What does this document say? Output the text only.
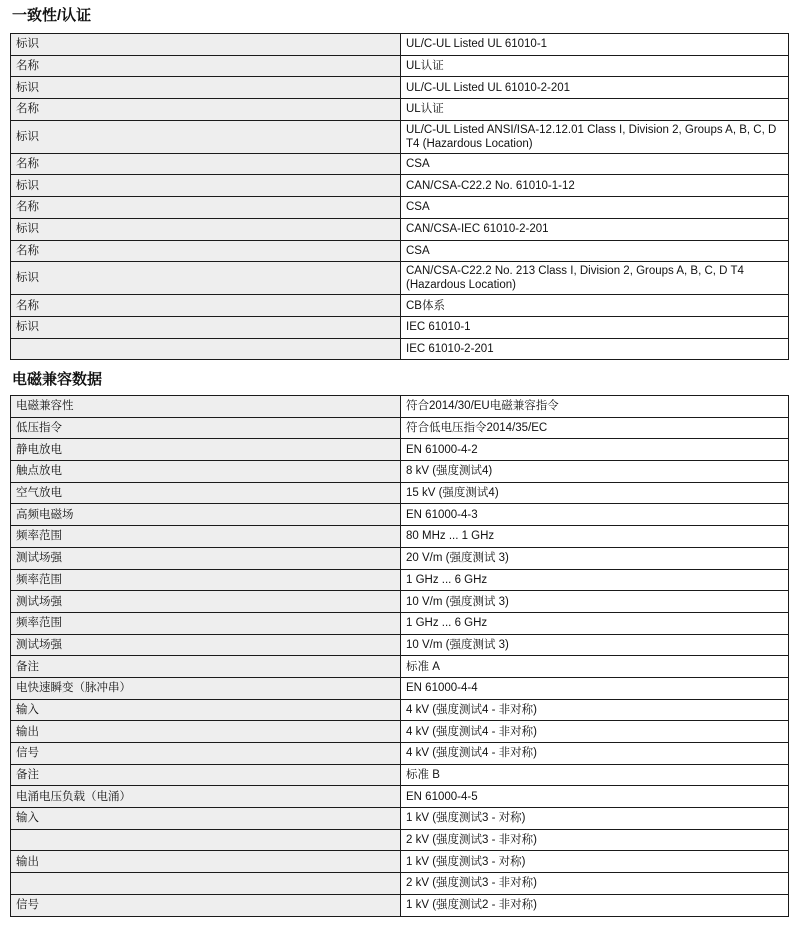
一致性/认证
标识	UL/C-UL Listed UL 61010-1
名称	UL认证
标识	UL/C-UL Listed UL 61010-2-201
名称	UL认证
标识	UL/C-UL Listed ANSI/ISA-12.12.01 Class I, Division 2, Groups A, B, C, D T4 (Hazardous Location)
名称	CSA
标识	CAN/CSA-C22.2 No. 61010-1-12
名称	CSA
标识	CAN/CSA-IEC 61010-2-201
名称	CSA
标识	CAN/CSA-C22.2 No. 213 Class I, Division 2, Groups A, B, C, D T4 (Hazardous Location)
名称	CB体系
标识	IEC 61010-1
	IEC 61010-2-201
电磁兼容数据
电磁兼容性	符合2014/30/EU电磁兼容指令
低压指令	符合低电压指令2014/35/EC
静电放电	EN 61000-4-2
触点放电	8 kV (强度测试4)
空气放电	15 kV (强度测试4)
高频电磁场	EN 61000-4-3
频率范围	80 MHz ... 1 GHz
测试场强	20 V/m (强度测试 3)
频率范围	1 GHz ... 6 GHz
测试场强	10 V/m (强度测试 3)
频率范围	1 GHz ... 6 GHz
测试场强	10 V/m (强度测试 3)
备注	标准 A
电快速瞬变（脉冲串）	EN 61000-4-4
输入	4 kV (强度测试4 - 非对称)
输出	4 kV (强度测试4 - 非对称)
信号	4 kV (强度测试4 - 非对称)
备注	标准 B
电涌电压负载（电涌）	EN 61000-4-5
输入	1 kV (强度测试3 - 对称)
	2 kV (强度测试3 - 非对称)
输出	1 kV (强度测试3 - 对称)
	2 kV (强度测试3 - 非对称)
信号	1 kV (强度测试2 - 非对称)
